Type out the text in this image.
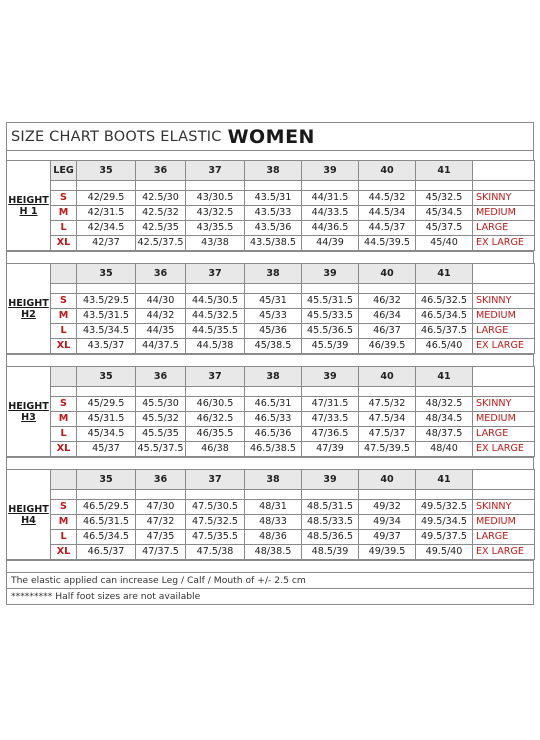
SIZE CHART BOOTS ELASTIC WOMEN
HEIGHT
H 1	LEG	35	36	37	38	39	40	41	

	S	42/29.5	42.5/30	43/30.5	43.5/31	44/31.5	44.5/32	45/32.5	SKINNY
	M	42/31.5	42.5/32	43/32.5	43.5/33	44/33.5	44.5/34	45/34.5	MEDIUM
	L	42/34.5	42.5/35	43/35.5	43.5/36	44/36.5	44.5/37	45/37.5	LARGE
	XL	42/37	42.5/37.5	43/38	43.5/38.5	44/39	44.5/39.5	45/40	EX LARGE
HEIGHT
H2		35	36	37	38	39	40	41	

	S	43.5/29.5	44/30	44.5/30.5	45/31	45.5/31.5	46/32	46.5/32.5	SKINNY
	M	43.5/31.5	44/32	44.5/32.5	45/33	45.5/33.5	46/34	46.5/34.5	MEDIUM
	L	43.5/34.5	44/35	44.5/35.5	45/36	45.5/36.5	46/37	46.5/37.5	LARGE
	XL	43.5/37	44/37.5	44.5/38	45/38.5	45.5/39	46/39.5	46.5/40	EX LARGE
HEIGHT
H3		35	36	37	38	39	40	41	

	S	45/29.5	45.5/30	46/30.5	46.5/31	47/31.5	47.5/32	48/32.5	SKINNY
	M	45/31.5	45.5/32	46/32.5	46.5/33	47/33.5	47.5/34	48/34.5	MEDIUM
	L	45/34.5	45.5/35	46/35.5	46.5/36	47/36.5	47.5/37	48/37.5	LARGE
	XL	45/37	45.5/37.5	46/38	46.5/38.5	47/39	47.5/39.5	48/40	EX LARGE
HEIGHT
H4		35	36	37	38	39	40	41	

	S	46.5/29.5	47/30	47.5/30.5	48/31	48.5/31.5	49/32	49.5/32.5	SKINNY
	M	46.5/31.5	47/32	47.5/32.5	48/33	48.5/33.5	49/34	49.5/34.5	MEDIUM
	L	46.5/34.5	47/35	47.5/35.5	48/36	48.5/36.5	49/37	49.5/37.5	LARGE
	XL	46.5/37	47/37.5	47.5/38	48/38.5	48.5/39	49/39.5	49.5/40	EX LARGE
The elastic applied can increase Leg / Calf / Mouth of +/- 2.5 cm
********* Half foot sizes are not available
